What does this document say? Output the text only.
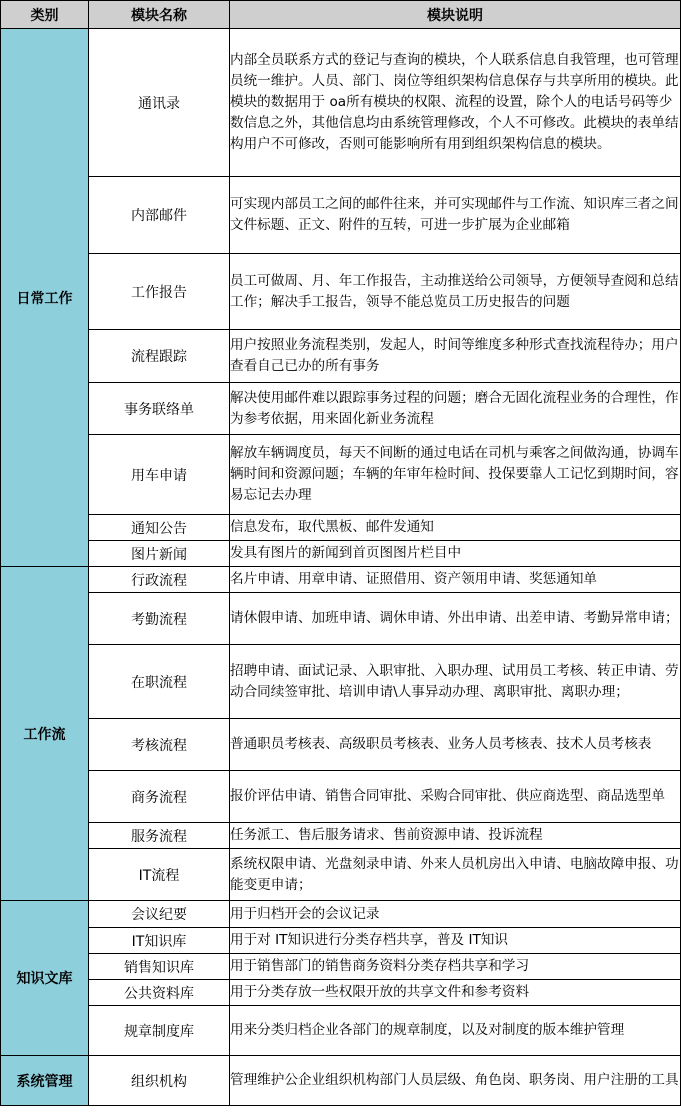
类别	模块名称	模块说明
日常工作	通讯录	内部全员联系方式的登记与查询的模块，个人联系信息自我管理，也可管理员统一维护。人员、部门、岗位等组织架构信息保存与共享所用的模块。此模块的数据用于 oa所有模块的权限、流程的设置，除个人的电话号码等少数信息之外，其他信息均由系统管理修改，个人不可修改。此模块的表单结构用户不可修改，否则可能影响所有用到组织架构信息的模块。
	内部邮件	可实现内部员工之间的邮件往来，并可实现邮件与工作流、知识库三者之间文件标题、正文、附件的互转，可进一步扩展为企业邮箱
	工作报告	员工可做周、月、年工作报告，主动推送给公司领导，方便领导查阅和总结工作；解决手工报告，领导不能总览员工历史报告的问题
	流程跟踪	用户按照业务流程类别，发起人，时间等维度多种形式查找流程待办；用户查看自己已办的所有事务
	事务联络单	解决使用邮件难以跟踪事务过程的问题；磨合无固化流程业务的合理性，作为参考依据，用来固化新业务流程
	用车申请	解放车辆调度员，每天不间断的通过电话在司机与乘客之间做沟通，协调车辆时间和资源问题；车辆的年审年检时间、投保要靠人工记忆到期时间，容易忘记去办理
	通知公告	信息发布，取代黑板、邮件发通知
	图片新闻	发具有图片的新闻到首页图图片栏目中
工作流	行政流程	名片申请、用章申请、证照借用、资产领用申请、奖惩通知单
	考勤流程	请休假申请、加班申请、调休申请、外出申请、出差申请、考勤异常申请；
	在职流程	招聘申请、面试记录、入职审批、入职办理、试用员工考核、转正申请、劳动合同续签审批、培训申请\人事异动办理、离职审批、离职办理；
	考核流程	普通职员考核表、高级职员考核表、业务人员考核表、技术人员考核表
	商务流程	报价评估申请、销售合同审批、采购合同审批、供应商选型、商品选型单
	服务流程	任务派工、售后服务请求、售前资源申请、投诉流程
	IT流程	系统权限申请、光盘刻录申请、外来人员机房出入申请、电脑故障申报、功能变更申请；
知识文库	会议纪要	用于归档开会的会议记录
	IT知识库	用于对 IT知识进行分类存档共享，普及 IT知识
	销售知识库	用于销售部门的销售商务资料分类存档共享和学习
	公共资料库	用于分类存放一些权限开放的共享文件和参考资料
	规章制度库	用来分类归档企业各部门的规章制度，以及对制度的版本维护管理
系统管理	组织机构	管理维护公企业组织机构部门人员层级、角色岗、职务岗、用户注册的工具
